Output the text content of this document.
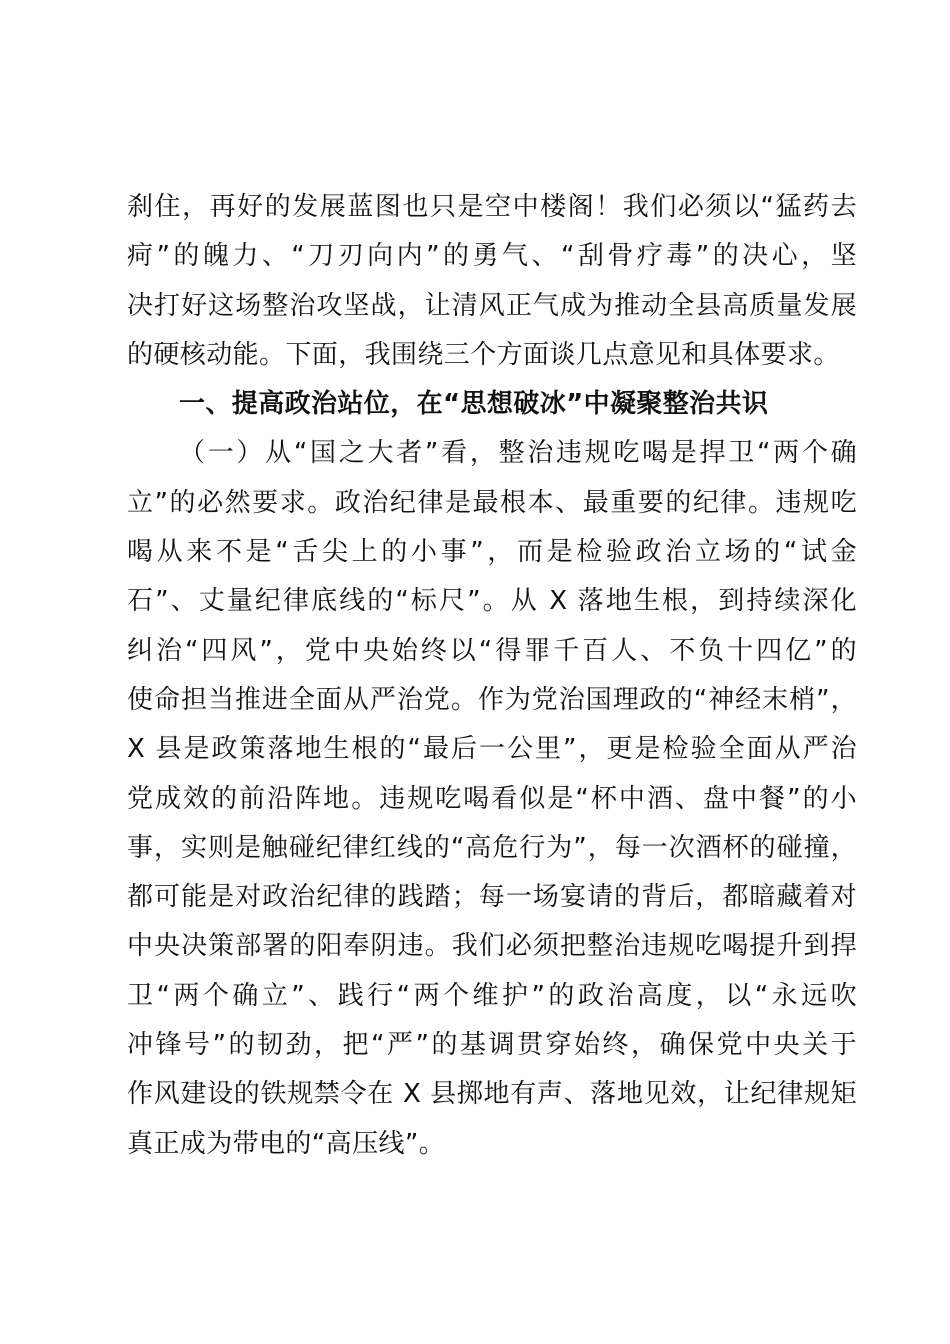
刹住，再好的发展蓝图也只是空中楼阁！我们必须以“猛药去
疴”的魄力、“刀刃向内”的勇气、“刮骨疗毒”的决心，坚
决打好这场整治攻坚战，让清风正气成为推动全县高质量发展
的硬核动能。下面，我围绕三个方面谈几点意见和具体要求。
一、提高政治站位，在“思想破冰”中凝聚整治共识
（一）从“国之大者”看，整治违规吃喝是捍卫“两个确
立”的必然要求。政治纪律是最根本、最重要的纪律。违规吃
喝从来不是“舌尖上的小事”，而是检验政治立场的“试金
石”、丈量纪律底线的“标尺”。从 X 落地生根，到持续深化
纠治“四风”，党中央始终以“得罪千百人、不负十四亿”的
使命担当推进全面从严治党。作为党治国理政的“神经末梢”，
X 县是政策落地生根的“最后一公里”，更是检验全面从严治
党成效的前沿阵地。违规吃喝看似是“杯中酒、盘中餐”的小
事，实则是触碰纪律红线的“高危行为”，每一次酒杯的碰撞，
都可能是对政治纪律的践踏；每一场宴请的背后，都暗藏着对
中央决策部署的阳奉阴违。我们必须把整治违规吃喝提升到捍
卫“两个确立”、践行“两个维护”的政治高度，以“永远吹
冲锋号”的韧劲，把“严”的基调贯穿始终，确保党中央关于
作风建设的铁规禁令在 X 县掷地有声、落地见效，让纪律规矩
真正成为带电的“高压线”。
